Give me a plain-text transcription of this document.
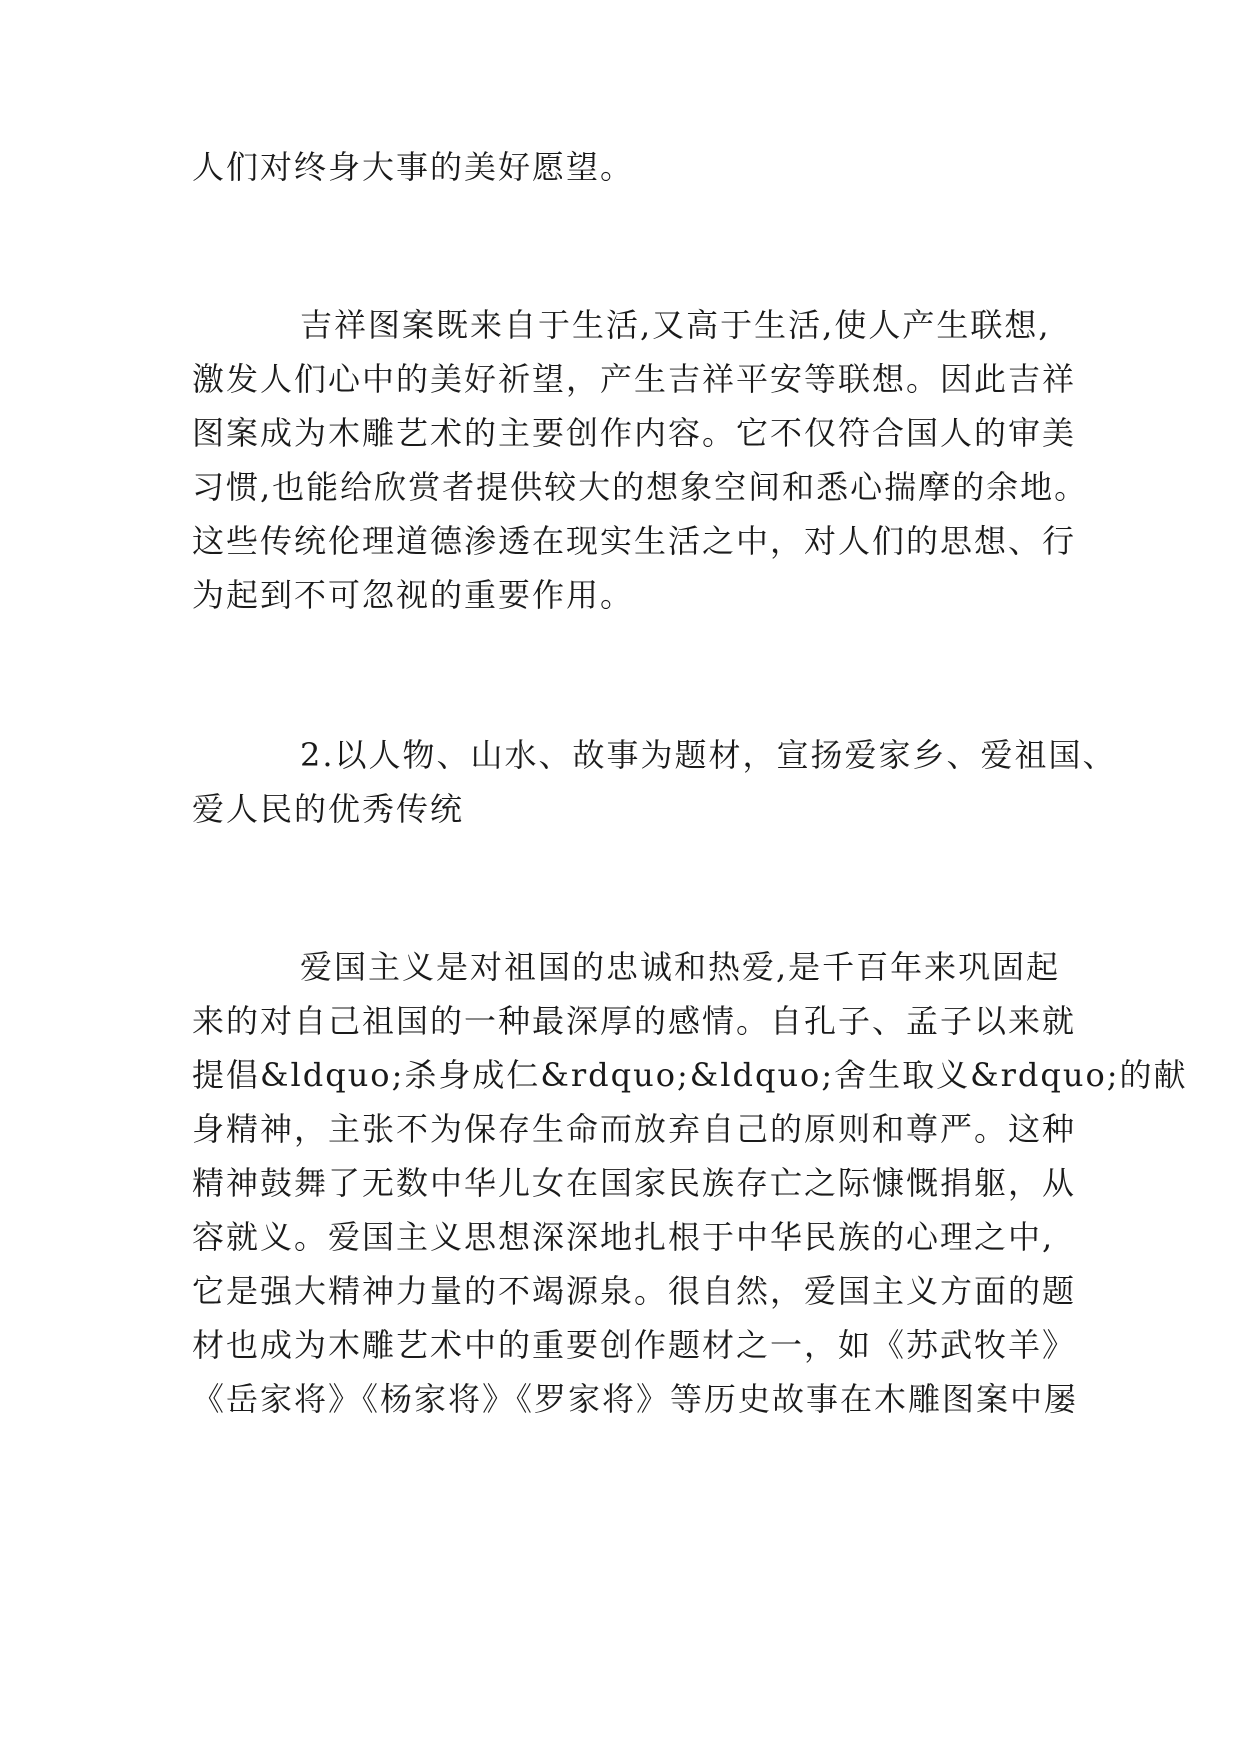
人们对终身大事的美好愿望。
吉祥图案既来自于生活,又高于生活,使人产生联想,
激发人们心中的美好祈望，产生吉祥平安等联想。因此吉祥
图案成为木雕艺术的主要创作内容。它不仅符合国人的审美
习惯,也能给欣赏者提供较大的想象空间和悉心揣摩的余地。
这些传统伦理道德渗透在现实生活之中，对人们的思想、行
为起到不可忽视的重要作用。
2.以人物、山水、故事为题材，宣扬爱家乡、爱祖国、
爱人民的优秀传统
爱国主义是对祖国的忠诚和热爱,是千百年来巩固起
来的对自己祖国的一种最深厚的感情。自孔子、孟子以来就
提倡&ldquo;杀身成仁&rdquo;&ldquo;舍生取义&rdquo;的献
身精神，主张不为保存生命而放弃自己的原则和尊严。这种
精神鼓舞了无数中华儿女在国家民族存亡之际慷慨捐躯，从
容就义。爱国主义思想深深地扎根于中华民族的心理之中,
它是强大精神力量的不竭源泉。很自然，爱国主义方面的题
材也成为木雕艺术中的重要创作题材之一，如《苏武牧羊》
《岳家将》《杨家将》《罗家将》等历史故事在木雕图案中屡
